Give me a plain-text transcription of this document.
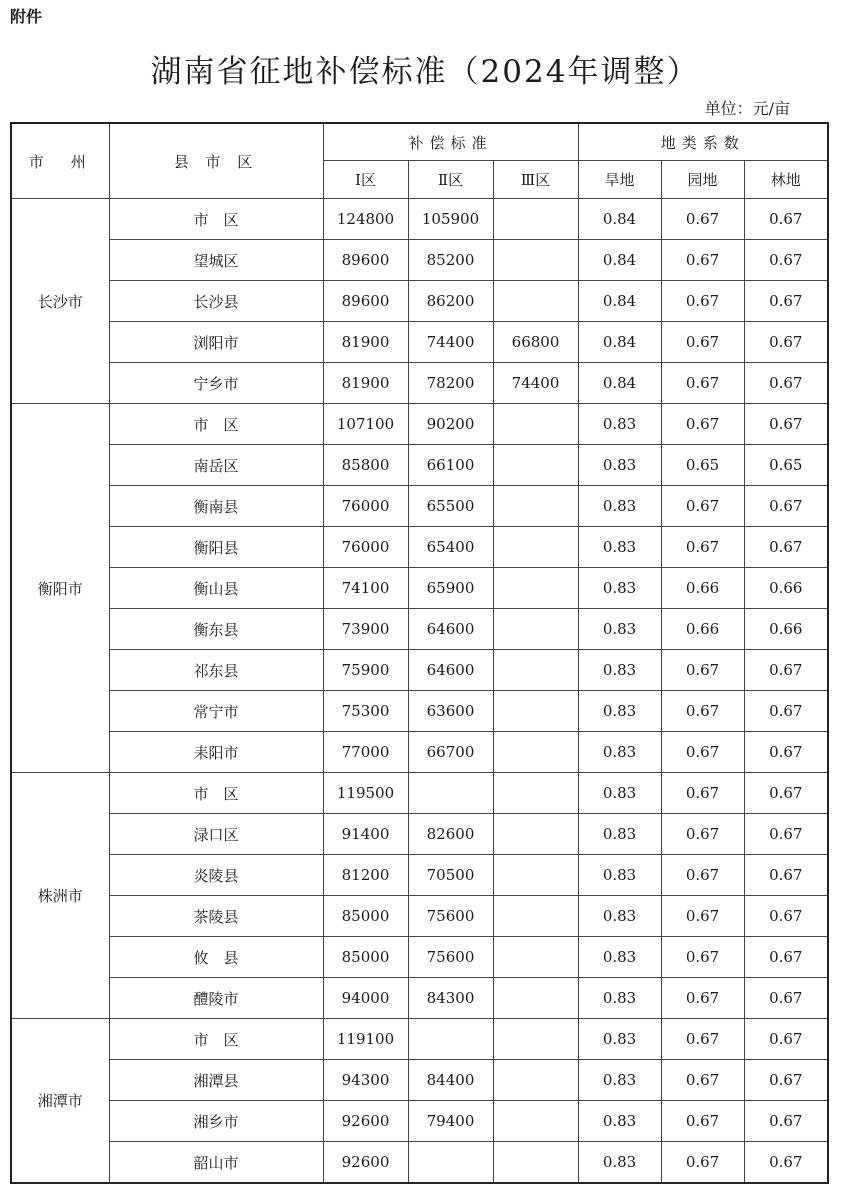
附件
湖南省征地补偿标准（2024年调整）
单位：元/亩
市　州	县 市 区	补偿标准			地类系数		
		Ⅰ区	Ⅱ区	Ⅲ区	旱地	园地	林地
长沙市	市　区	124800	105900		0.84	0.67	0.67
	望城区	89600	85200		0.84	0.67	0.67
	长沙县	89600	86200		0.84	0.67	0.67
	浏阳市	81900	74400	66800	0.84	0.67	0.67
	宁乡市	81900	78200	74400	0.84	0.67	0.67
衡阳市	市　区	107100	90200		0.83	0.67	0.67
	南岳区	85800	66100		0.83	0.65	0.65
	衡南县	76000	65500		0.83	0.67	0.67
	衡阳县	76000	65400		0.83	0.67	0.67
	衡山县	74100	65900		0.83	0.66	0.66
	衡东县	73900	64600		0.83	0.66	0.66
	祁东县	75900	64600		0.83	0.67	0.67
	常宁市	75300	63600		0.83	0.67	0.67
	耒阳市	77000	66700		0.83	0.67	0.67
株洲市	市　区	119500			0.83	0.67	0.67
	渌口区	91400	82600		0.83	0.67	0.67
	炎陵县	81200	70500		0.83	0.67	0.67
	茶陵县	85000	75600		0.83	0.67	0.67
	攸　县	85000	75600		0.83	0.67	0.67
	醴陵市	94000	84300		0.83	0.67	0.67
湘潭市	市　区	119100			0.83	0.67	0.67
	湘潭县	94300	84400		0.83	0.67	0.67
	湘乡市	92600	79400		0.83	0.67	0.67
	韶山市	92600			0.83	0.67	0.67
